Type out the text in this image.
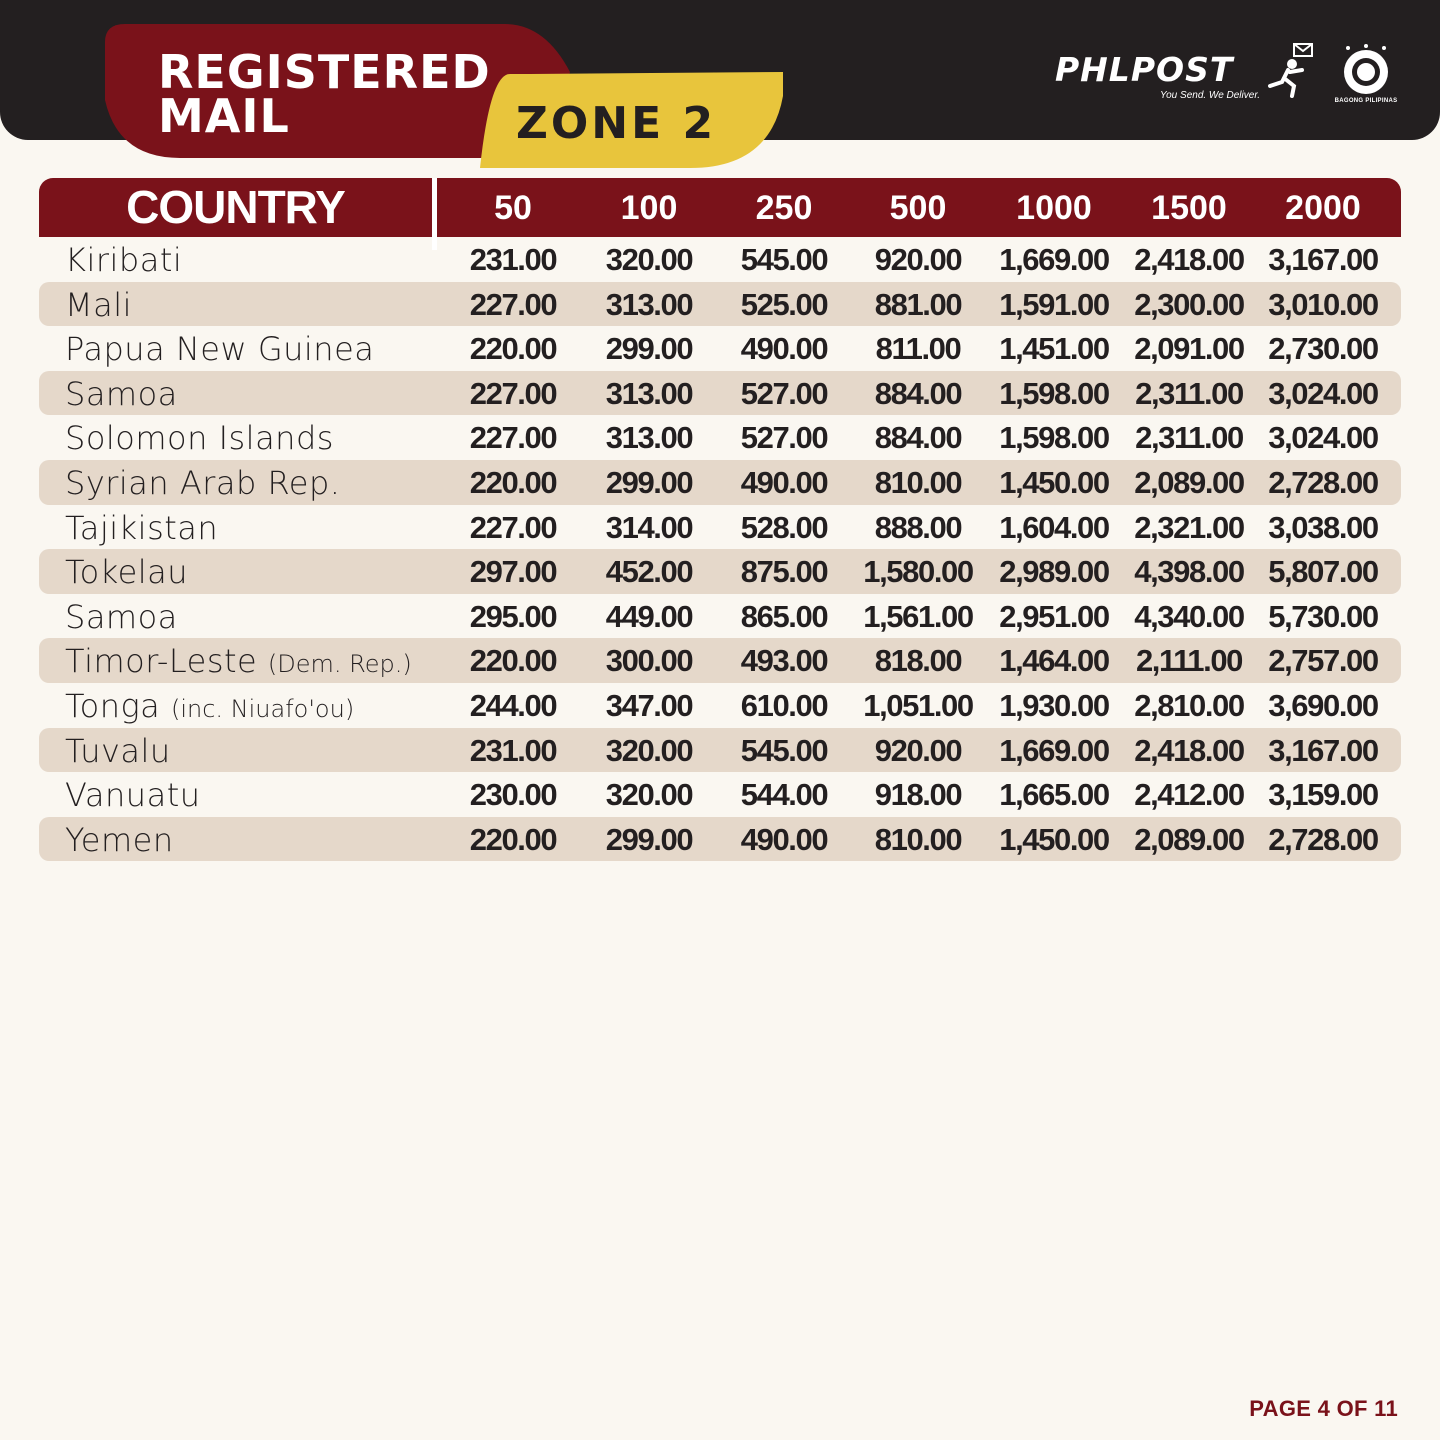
REGISTERED
MAIL	ZONE 2
PHLPOST
You Send. We Deliver.	BAGONG PILIPINAS
COUNTRY	50	100	250	500	1000	1500	2000
Kiribati	231.00	320.00	545.00	920.00	1,669.00 2,418.00 3,167.00
Mali	227.00	313.00	525.00	881.00	1,591.00 2,300.00 3,010.00
Papua New Guinea	220.00	299.00	490.00	811.00	1,451.00 2,091.00 2,730.00
Samoa	227.00	313.00	527.00	884.00	1,598.00 2,311.00 3,024.00
Solomon Islands	227.00	313.00	527.00	884.00	1,598.00 2,311.00 3,024.00
Syrian Arab Rep.	220.00	299.00	490.00	810.00	1,450.00 2,089.00 2,728.00
Tajikistan	227.00	314.00	528.00	888.00	1,604.00 2,321.00 3,038.00
Tokelau	297.00	452.00	875.00	1,580.00 2,989.00 4,398.00 5,807.00
Samoa	295.00	449.00	865.00	1,561.00 2,951.00 4,340.00 5,730.00
Timor-Leste (Dem. Rep.)	220.00	300.00	493.00	818.00	1,464.00 2,111.00 2,757.00
Tonga (inc. Niuafo'ou)	244.00	347.00	610.00	1,051.00 1,930.00 2,810.00 3,690.00
Tuvalu	231.00	320.00	545.00	920.00	1,669.00 2,418.00 3,167.00
Vanuatu	230.00	320.00	544.00	918.00	1,665.00 2,412.00 3,159.00
Yemen	220.00	299.00	490.00	810.00	1,450.00 2,089.00 2,728.00
PAGE 4 OF 11
